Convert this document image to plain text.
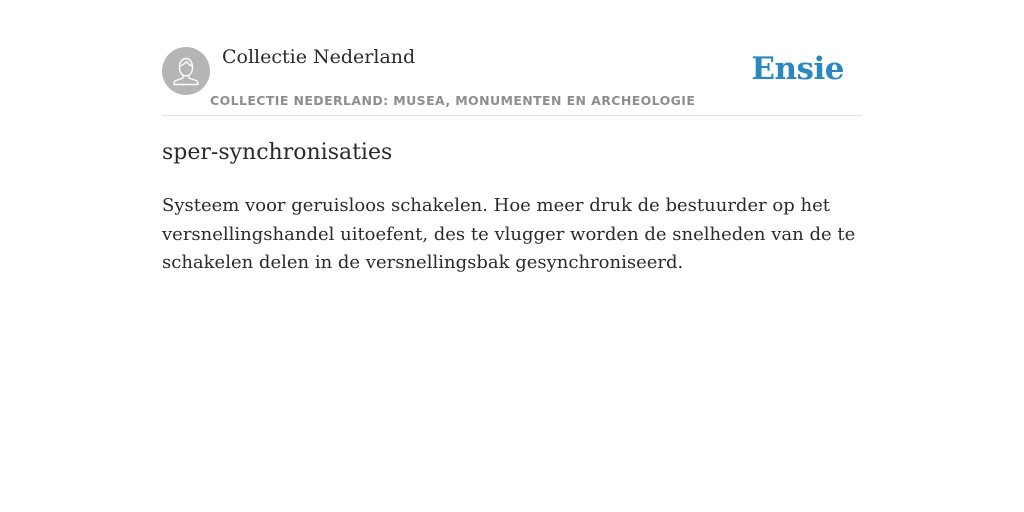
Collectie Nederland
COLLECTIE NEDERLAND: MUSEA, MONUMENTEN EN ARCHEOLOGIE
Ensie
sper-synchronisaties

Systeem voor geruisloos schakelen. Hoe meer druk de bestuurder op het versnellingshandel uitoefent, des te vlugger worden de snelheden van de te schakelen delen in de versnellingsbak gesynchroniseerd.
